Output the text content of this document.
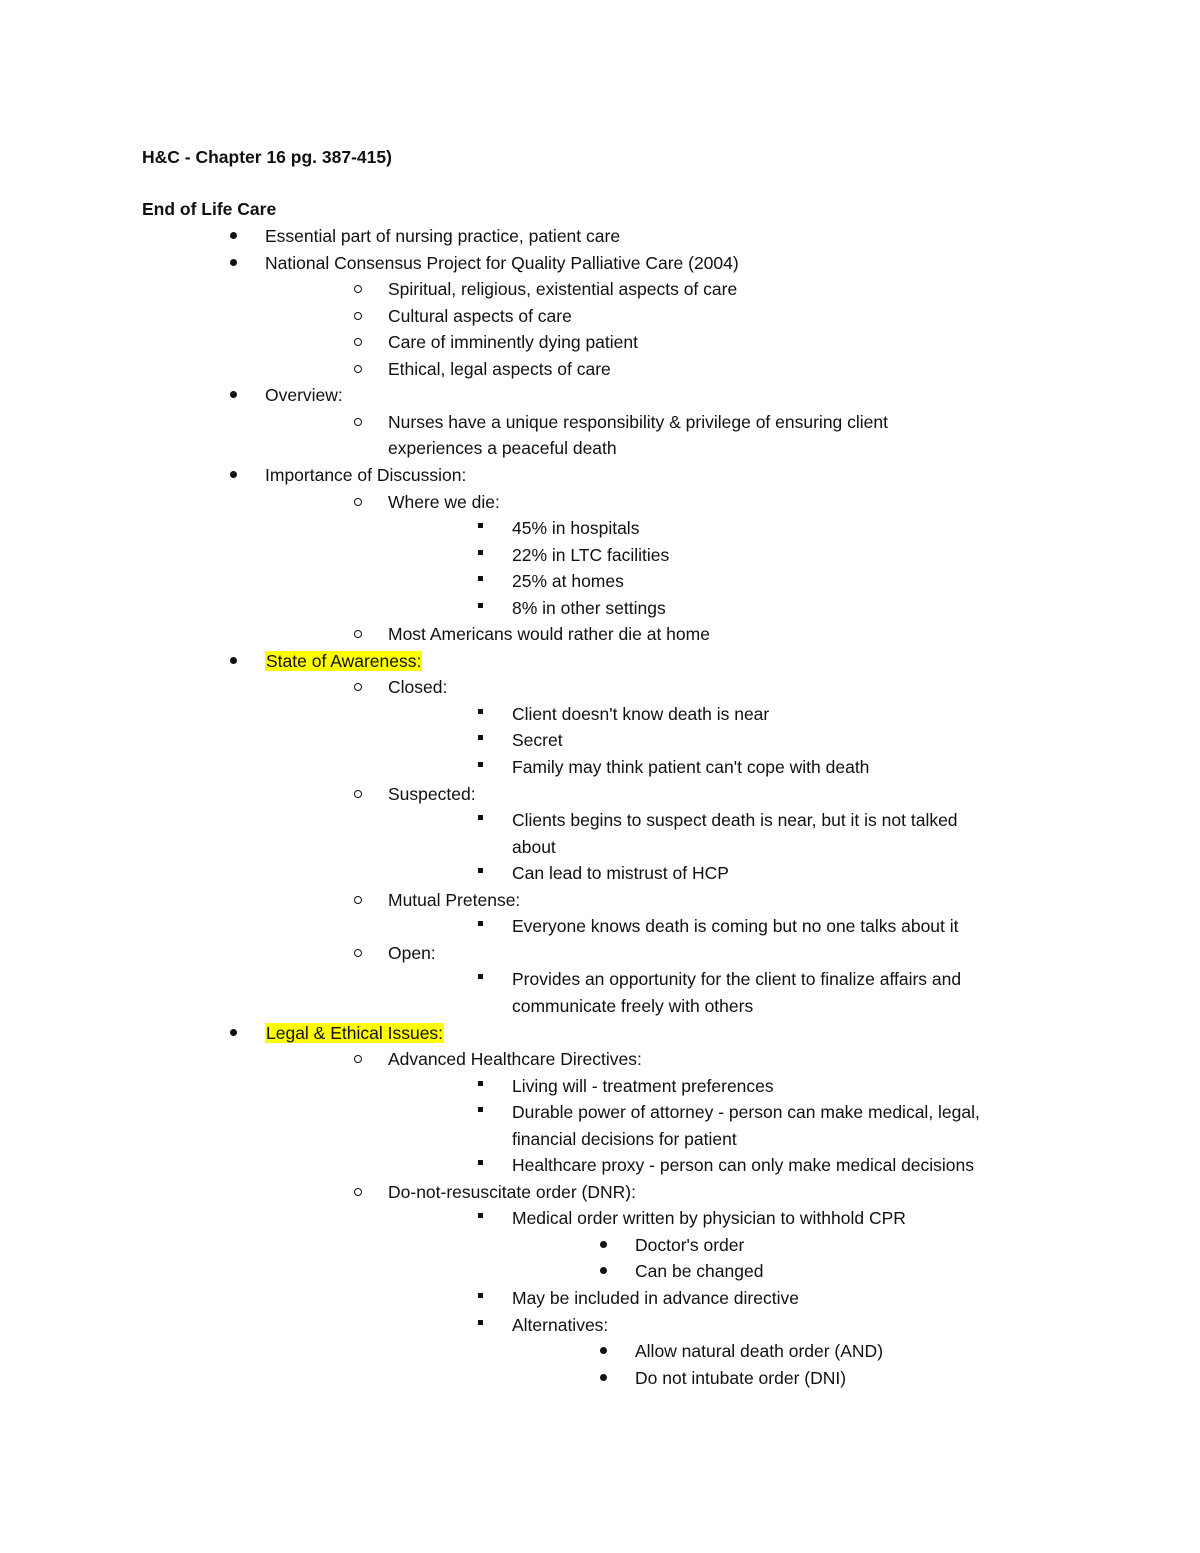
H&C - Chapter 16 pg. 387-415)
End of Life Care
Essential part of nursing practice, patient care
National Consensus Project for Quality Palliative Care (2004)
Spiritual, religious, existential aspects of care
Cultural aspects of care
Care of imminently dying patient
Ethical, legal aspects of care
Overview:
Nurses have a unique responsibility & privilege of ensuring client
experiences a peaceful death
Importance of Discussion:
Where we die:
45% in hospitals
22% in LTC facilities
25% at homes
8% in other settings
Most Americans would rather die at home
State of Awareness:
Closed:
Client doesn't know death is near
Secret
Family may think patient can't cope with death
Suspected:
Clients begins to suspect death is near, but it is not talked
about
Can lead to mistrust of HCP
Mutual Pretense:
Everyone knows death is coming but no one talks about it
Open:
Provides an opportunity for the client to finalize affairs and
communicate freely with others
Legal & Ethical Issues:
Advanced Healthcare Directives:
Living will - treatment preferences
Durable power of attorney - person can make medical, legal,
financial decisions for patient
Healthcare proxy - person can only make medical decisions
Do-not-resuscitate order (DNR):
Medical order written by physician to withhold CPR
Doctor's order
Can be changed
May be included in advance directive
Alternatives:
Allow natural death order (AND)
Do not intubate order (DNI)
